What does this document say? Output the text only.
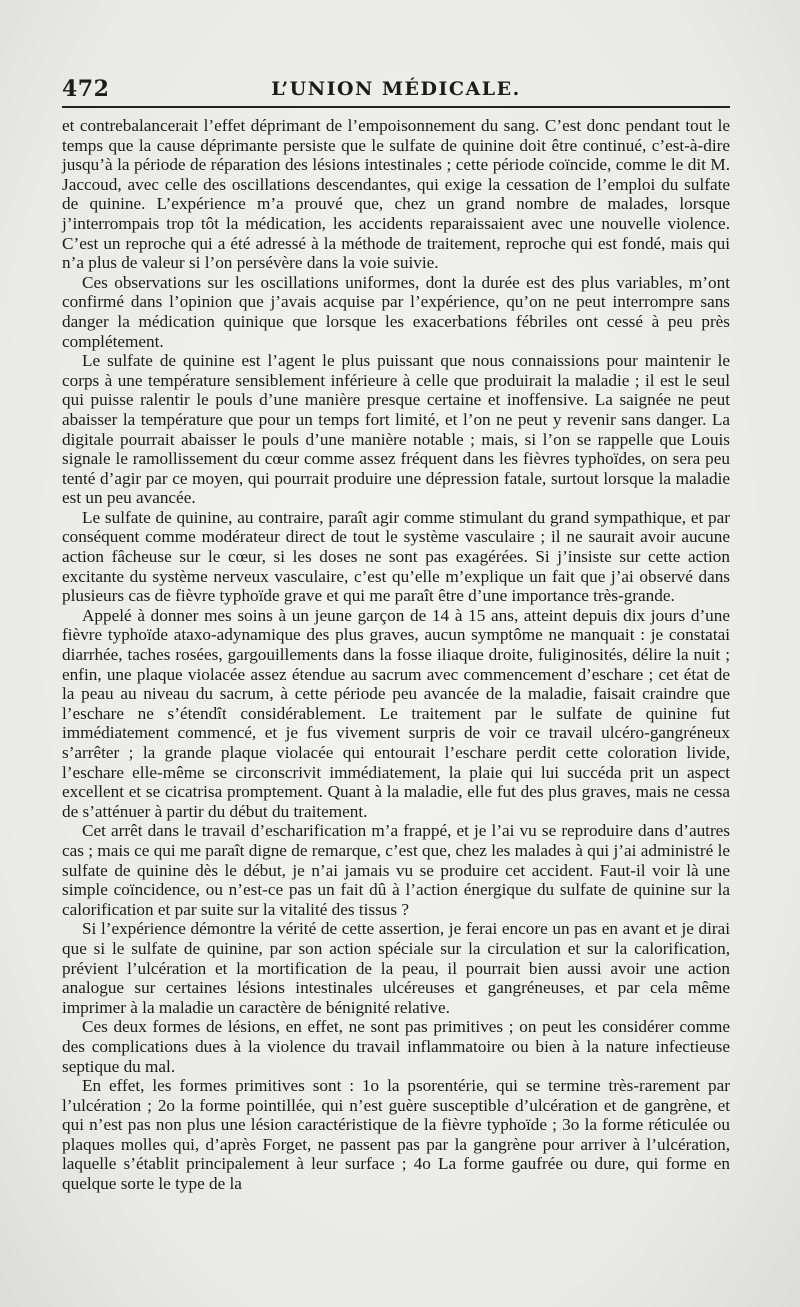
472	L’UNION MÉDICALE.

et contrebalancerait l’effet déprimant de l’empoisonnement du sang. C’est donc pendant tout le temps que la cause déprimante persiste que le sulfate de quinine doit être continué, c’est-à-dire jusqu’à la période de réparation des lésions intestinales ; cette période coïncide, comme le dit M. Jaccoud, avec celle des oscillations descendantes, qui exige la cessation de l’emploi du sulfate de quinine. L’expérience m’a prouvé que, chez un grand nombre de malades, lorsque j’interrompais trop tôt la médication, les accidents reparaissaient avec une nouvelle violence. C’est un reproche qui a été adressé à la méthode de traitement, reproche qui est fondé, mais qui n’a plus de valeur si l’on persévère dans la voie suivie.

Ces observations sur les oscillations uniformes, dont la durée est des plus variables, m’ont confirmé dans l’opinion que j’avais acquise par l’expérience, qu’on ne peut interrompre sans danger la médication quinique que lorsque les exacerbations fébriles ont cessé à peu près complétement.

Le sulfate de quinine est l’agent le plus puissant que nous connaissions pour maintenir le corps à une température sensiblement inférieure à celle que produirait la maladie ; il est le seul qui puisse ralentir le pouls d’une manière presque certaine et inoffensive. La saignée ne peut abaisser la température que pour un temps fort limité, et l’on ne peut y revenir sans danger. La digitale pourrait abaisser le pouls d’une manière notable ; mais, si l’on se rappelle que Louis signale le ramollissement du cœur comme assez fréquent dans les fièvres typhoïdes, on sera peu tenté d’agir par ce moyen, qui pourrait produire une dépression fatale, surtout lorsque la maladie est un peu avancée.

Le sulfate de quinine, au contraire, paraît agir comme stimulant du grand sympathique, et par conséquent comme modérateur direct de tout le système vasculaire ; il ne saurait avoir aucune action fâcheuse sur le cœur, si les doses ne sont pas exagérées. Si j’insiste sur cette action excitante du système nerveux vasculaire, c’est qu’elle m’explique un fait que j’ai observé dans plusieurs cas de fièvre typhoïde grave et qui me paraît être d’une importance très-grande.

Appelé à donner mes soins à un jeune garçon de 14 à 15 ans, atteint depuis dix jours d’une fièvre typhoïde ataxo-adynamique des plus graves, aucun symptôme ne manquait : je constatai diarrhée, taches rosées, gargouillements dans la fosse iliaque droite, fuliginosités, délire la nuit ; enfin, une plaque violacée assez étendue au sacrum avec commencement d’eschare ; cet état de la peau au niveau du sacrum, à cette période peu avancée de la maladie, faisait craindre que l’eschare ne s’étendît considérablement. Le traitement par le sulfate de quinine fut immédiatement commencé, et je fus vivement surpris de voir ce travail ulcéro-gangréneux s’arrêter ; la grande plaque violacée qui entourait l’eschare perdit cette coloration livide, l’eschare elle-même se circonscrivit immédiatement, la plaie qui lui succéda prit un aspect excellent et se cicatrisa promptement. Quant à la maladie, elle fut des plus graves, mais ne cessa de s’atténuer à partir du début du traitement.

Cet arrêt dans le travail d’escharification m’a frappé, et je l’ai vu se reproduire dans d’autres cas ; mais ce qui me paraît digne de remarque, c’est que, chez les malades à qui j’ai administré le sulfate de quinine dès le début, je n’ai jamais vu se produire cet accident. Faut-il voir là une simple coïncidence, ou n’est-ce pas un fait dû à l’action énergique du sulfate de quinine sur la calorification et par suite sur la vitalité des tissus ?

Si l’expérience démontre la vérité de cette assertion, je ferai encore un pas en avant et je dirai que si le sulfate de quinine, par son action spéciale sur la circulation et sur la calorification, prévient l’ulcération et la mortification de la peau, il pourrait bien aussi avoir une action analogue sur certaines lésions intestinales ulcéreuses et gangréneuses, et par cela même imprimer à la maladie un caractère de bénignité relative.

Ces deux formes de lésions, en effet, ne sont pas primitives ; on peut les considérer comme des complications dues à la violence du travail inflammatoire ou bien à la nature infectieuse septique du mal.

En effet, les formes primitives sont : 1o la psorentérie, qui se termine très-rarement par l’ulcération ; 2o la forme pointillée, qui n’est guère susceptible d’ulcération et de gangrène, et qui n’est pas non plus une lésion caractéristique de la fièvre typhoïde ; 3o la forme réticulée ou plaques molles qui, d’après Forget, ne passent pas par la gangrène pour arriver à l’ulcération, laquelle s’établit principalement à leur surface ; 4o La forme gaufrée ou dure, qui forme en quelque sorte le type de la
